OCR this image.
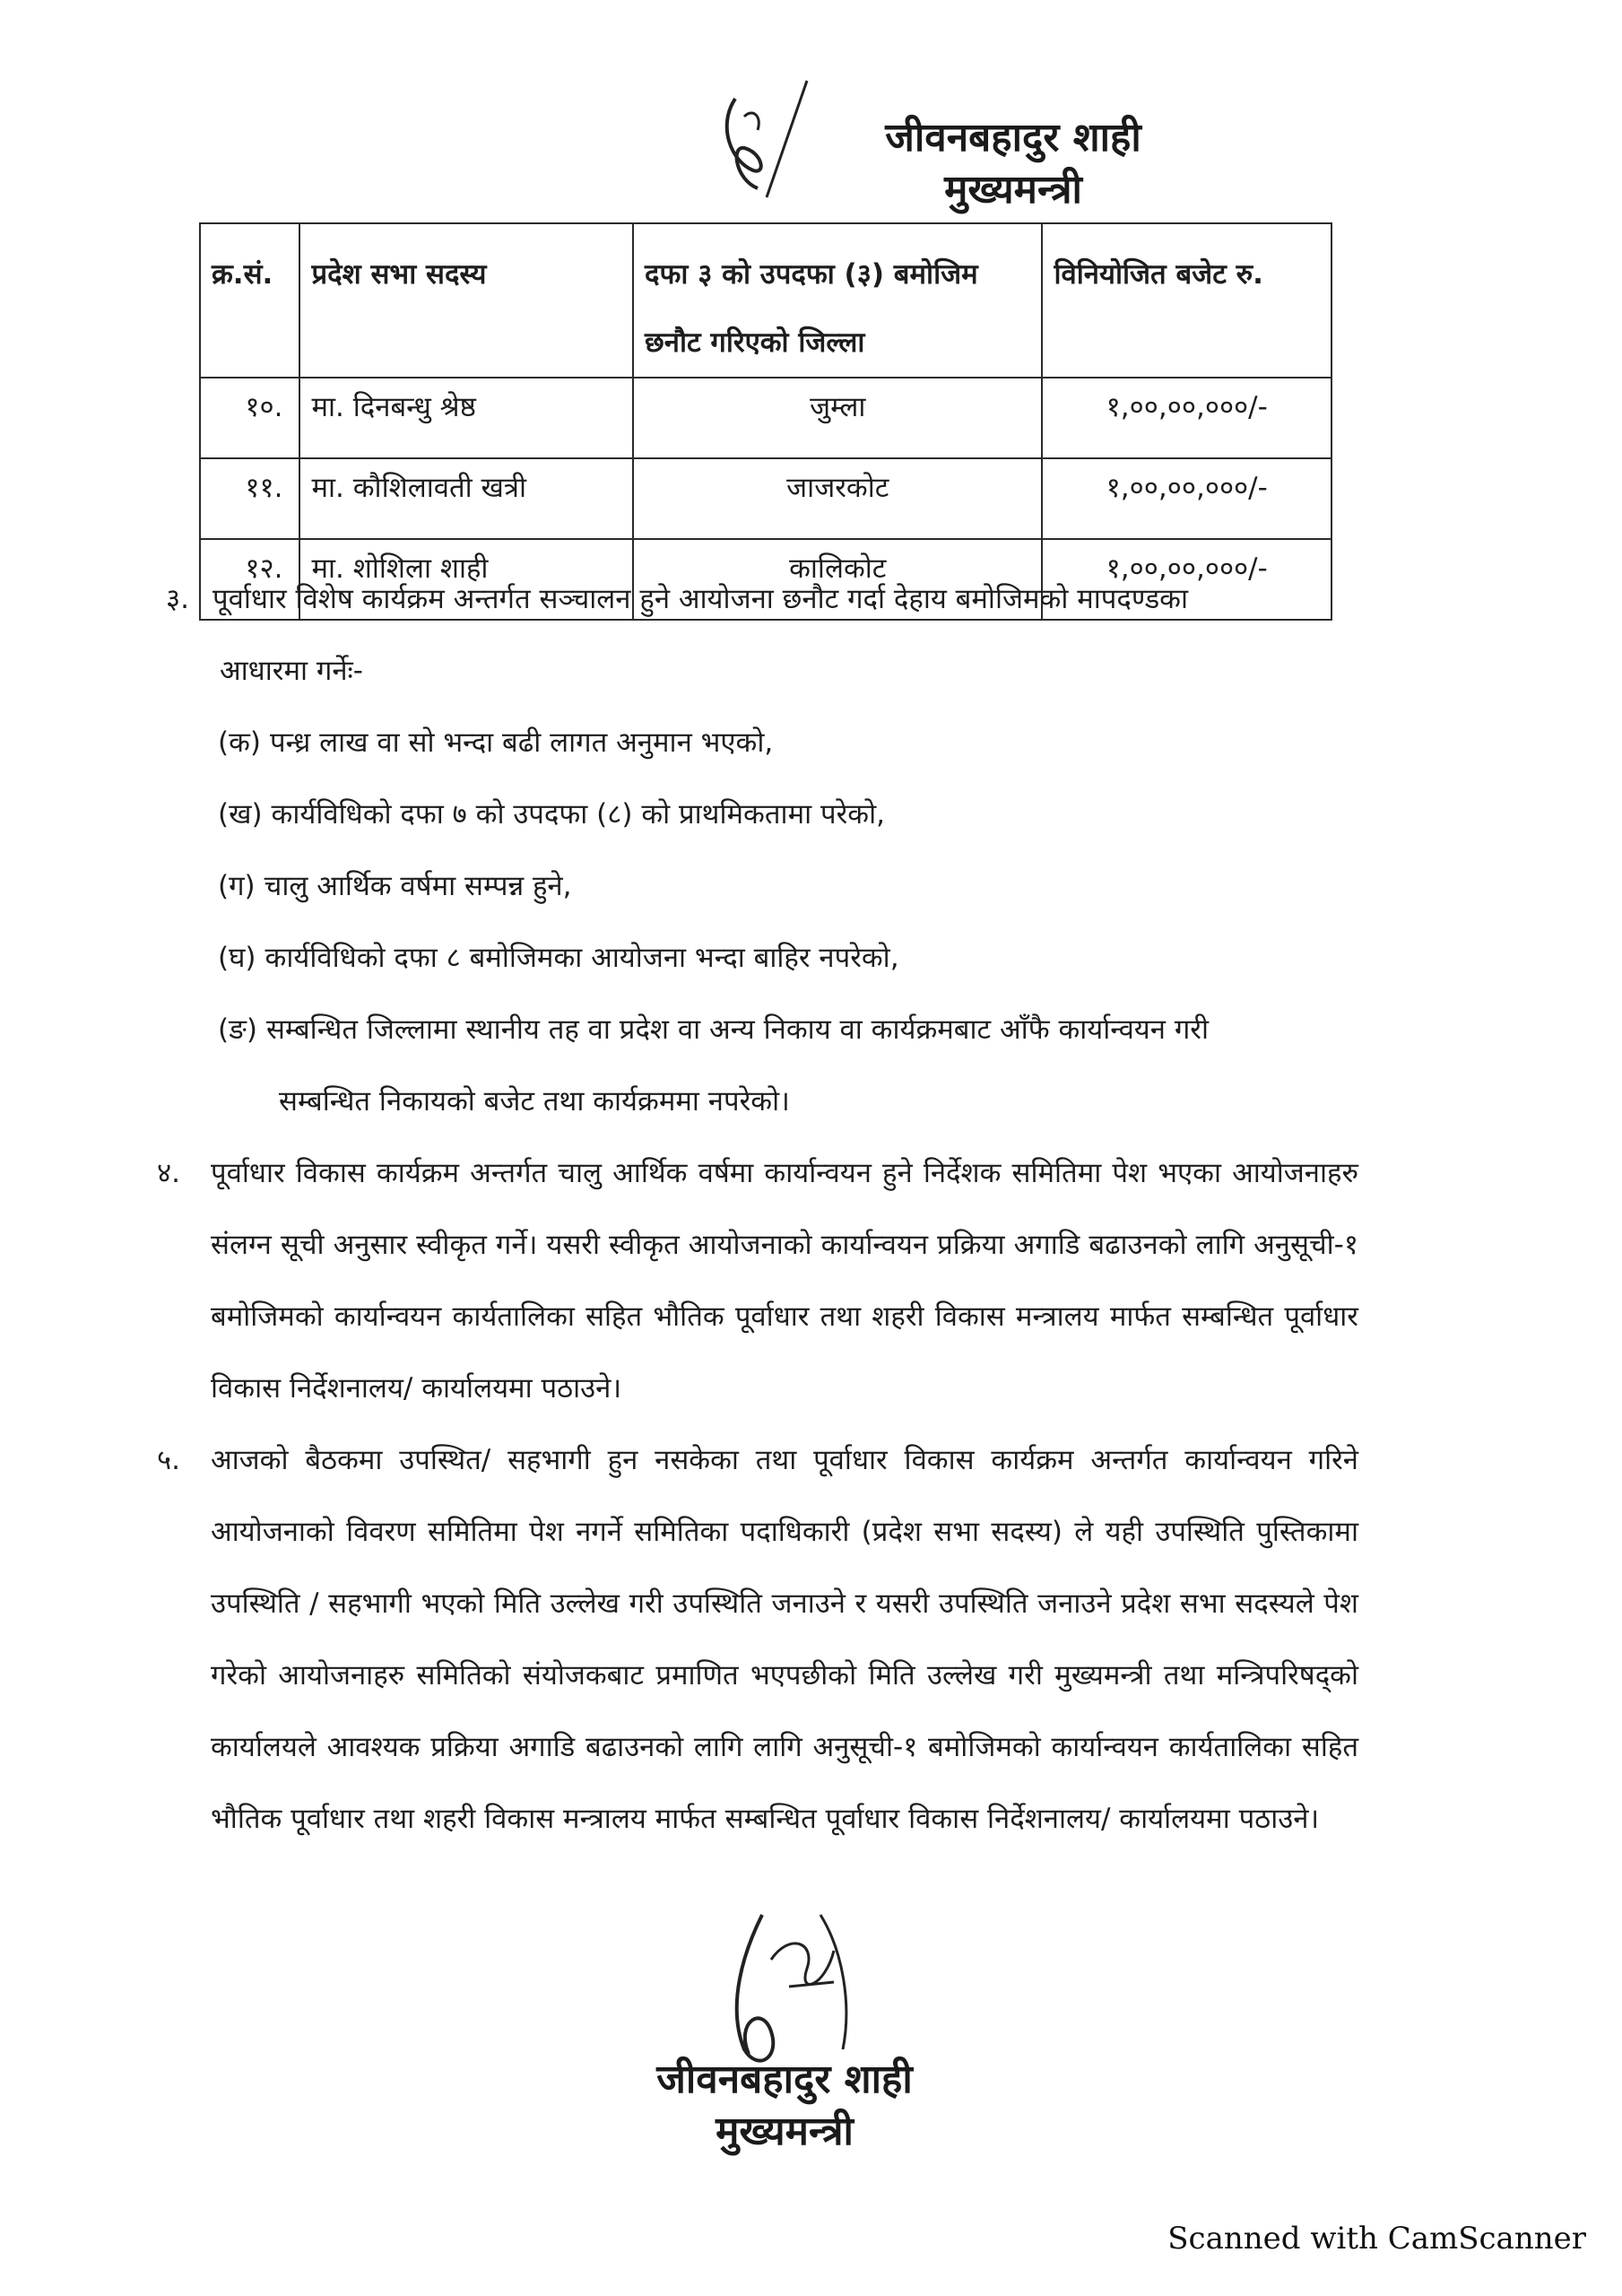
जीवनबहादुर शाही
मुख्यमन्त्री
क्र.सं.	प्रदेश सभा सदस्य	दफा ३ को उपदफा (३) बमोजिम
छनौट गरिएको जिल्ला	विनियोजित बजेट रु.
१०.	मा. दिनबन्धु श्रेष्ठ	जुम्ला	१,००,००,०००/-
११.	मा. कौशिलावती खत्री	जाजरकोट	१,००,००,०००/-
१२.	मा. शोशिला शाही	कालिकोट	१,००,००,०००/-
३. पूर्वाधार विशेष कार्यक्रम अन्तर्गत सञ्चालन हुने आयोजना छनौट गर्दा देहाय बमोजिमको मापदण्डका
आधारमा गर्नेः-
(क) पन्ध्र लाख वा सो भन्दा बढी लागत अनुमान भएको,
(ख) कार्यविधिको दफा ७ को उपदफा (८) को प्राथमिकतामा परेको,
(ग) चालु आर्थिक वर्षमा सम्पन्न हुने,
(घ) कार्यविधिको दफा ८ बमोजिमका आयोजना भन्दा बाहिर नपरेको,
(ङ) सम्बन्धित जिल्लामा स्थानीय तह वा प्रदेश वा अन्य निकाय वा कार्यक्रमबाट आँफै कार्यान्वयन गरी
सम्बन्धित निकायको बजेट तथा कार्यक्रममा नपरेको।
४. पूर्वाधार विकास कार्यक्रम अन्तर्गत चालु आर्थिक वर्षमा कार्यान्वयन हुने निर्देशक समितिमा पेश भएका आयोजनाहरु संलग्न सूची अनुसार स्वीकृत गर्ने। यसरी स्वीकृत आयोजनाको कार्यान्वयन प्रक्रिया अगाडि बढाउनको लागि अनुसूची-१ बमोजिमको कार्यान्वयन कार्यतालिका सहित भौतिक पूर्वाधार तथा शहरी विकास मन्त्रालय मार्फत सम्बन्धित पूर्वाधार विकास निर्देशनालय/ कार्यालयमा पठाउने।
५. आजको बैठकमा उपस्थित/ सहभागी हुन नसकेका तथा पूर्वाधार विकास कार्यक्रम अन्तर्गत कार्यान्वयन गरिने आयोजनाको विवरण समितिमा पेश नगर्ने समितिका पदाधिकारी (प्रदेश सभा सदस्य) ले यही उपस्थिति पुस्तिकामा उपस्थिति / सहभागी भएको मिति उल्लेख गरी उपस्थिति जनाउने र यसरी उपस्थिति जनाउने प्रदेश सभा सदस्यले पेश गरेको आयोजनाहरु समितिको संयोजकबाट प्रमाणित भएपछीको मिति उल्लेख गरी मुख्यमन्त्री तथा मन्त्रिपरिषद्को कार्यालयले आवश्यक प्रक्रिया अगाडि बढाउनको लागि लागि अनुसूची-१ बमोजिमको कार्यान्वयन कार्यतालिका सहित भौतिक पूर्वाधार तथा शहरी विकास मन्त्रालय मार्फत सम्बन्धित पूर्वाधार विकास निर्देशनालय/ कार्यालयमा पठाउने।
जीवनबहादुर शाही
मुख्यमन्त्री
Scanned with CamScanner
